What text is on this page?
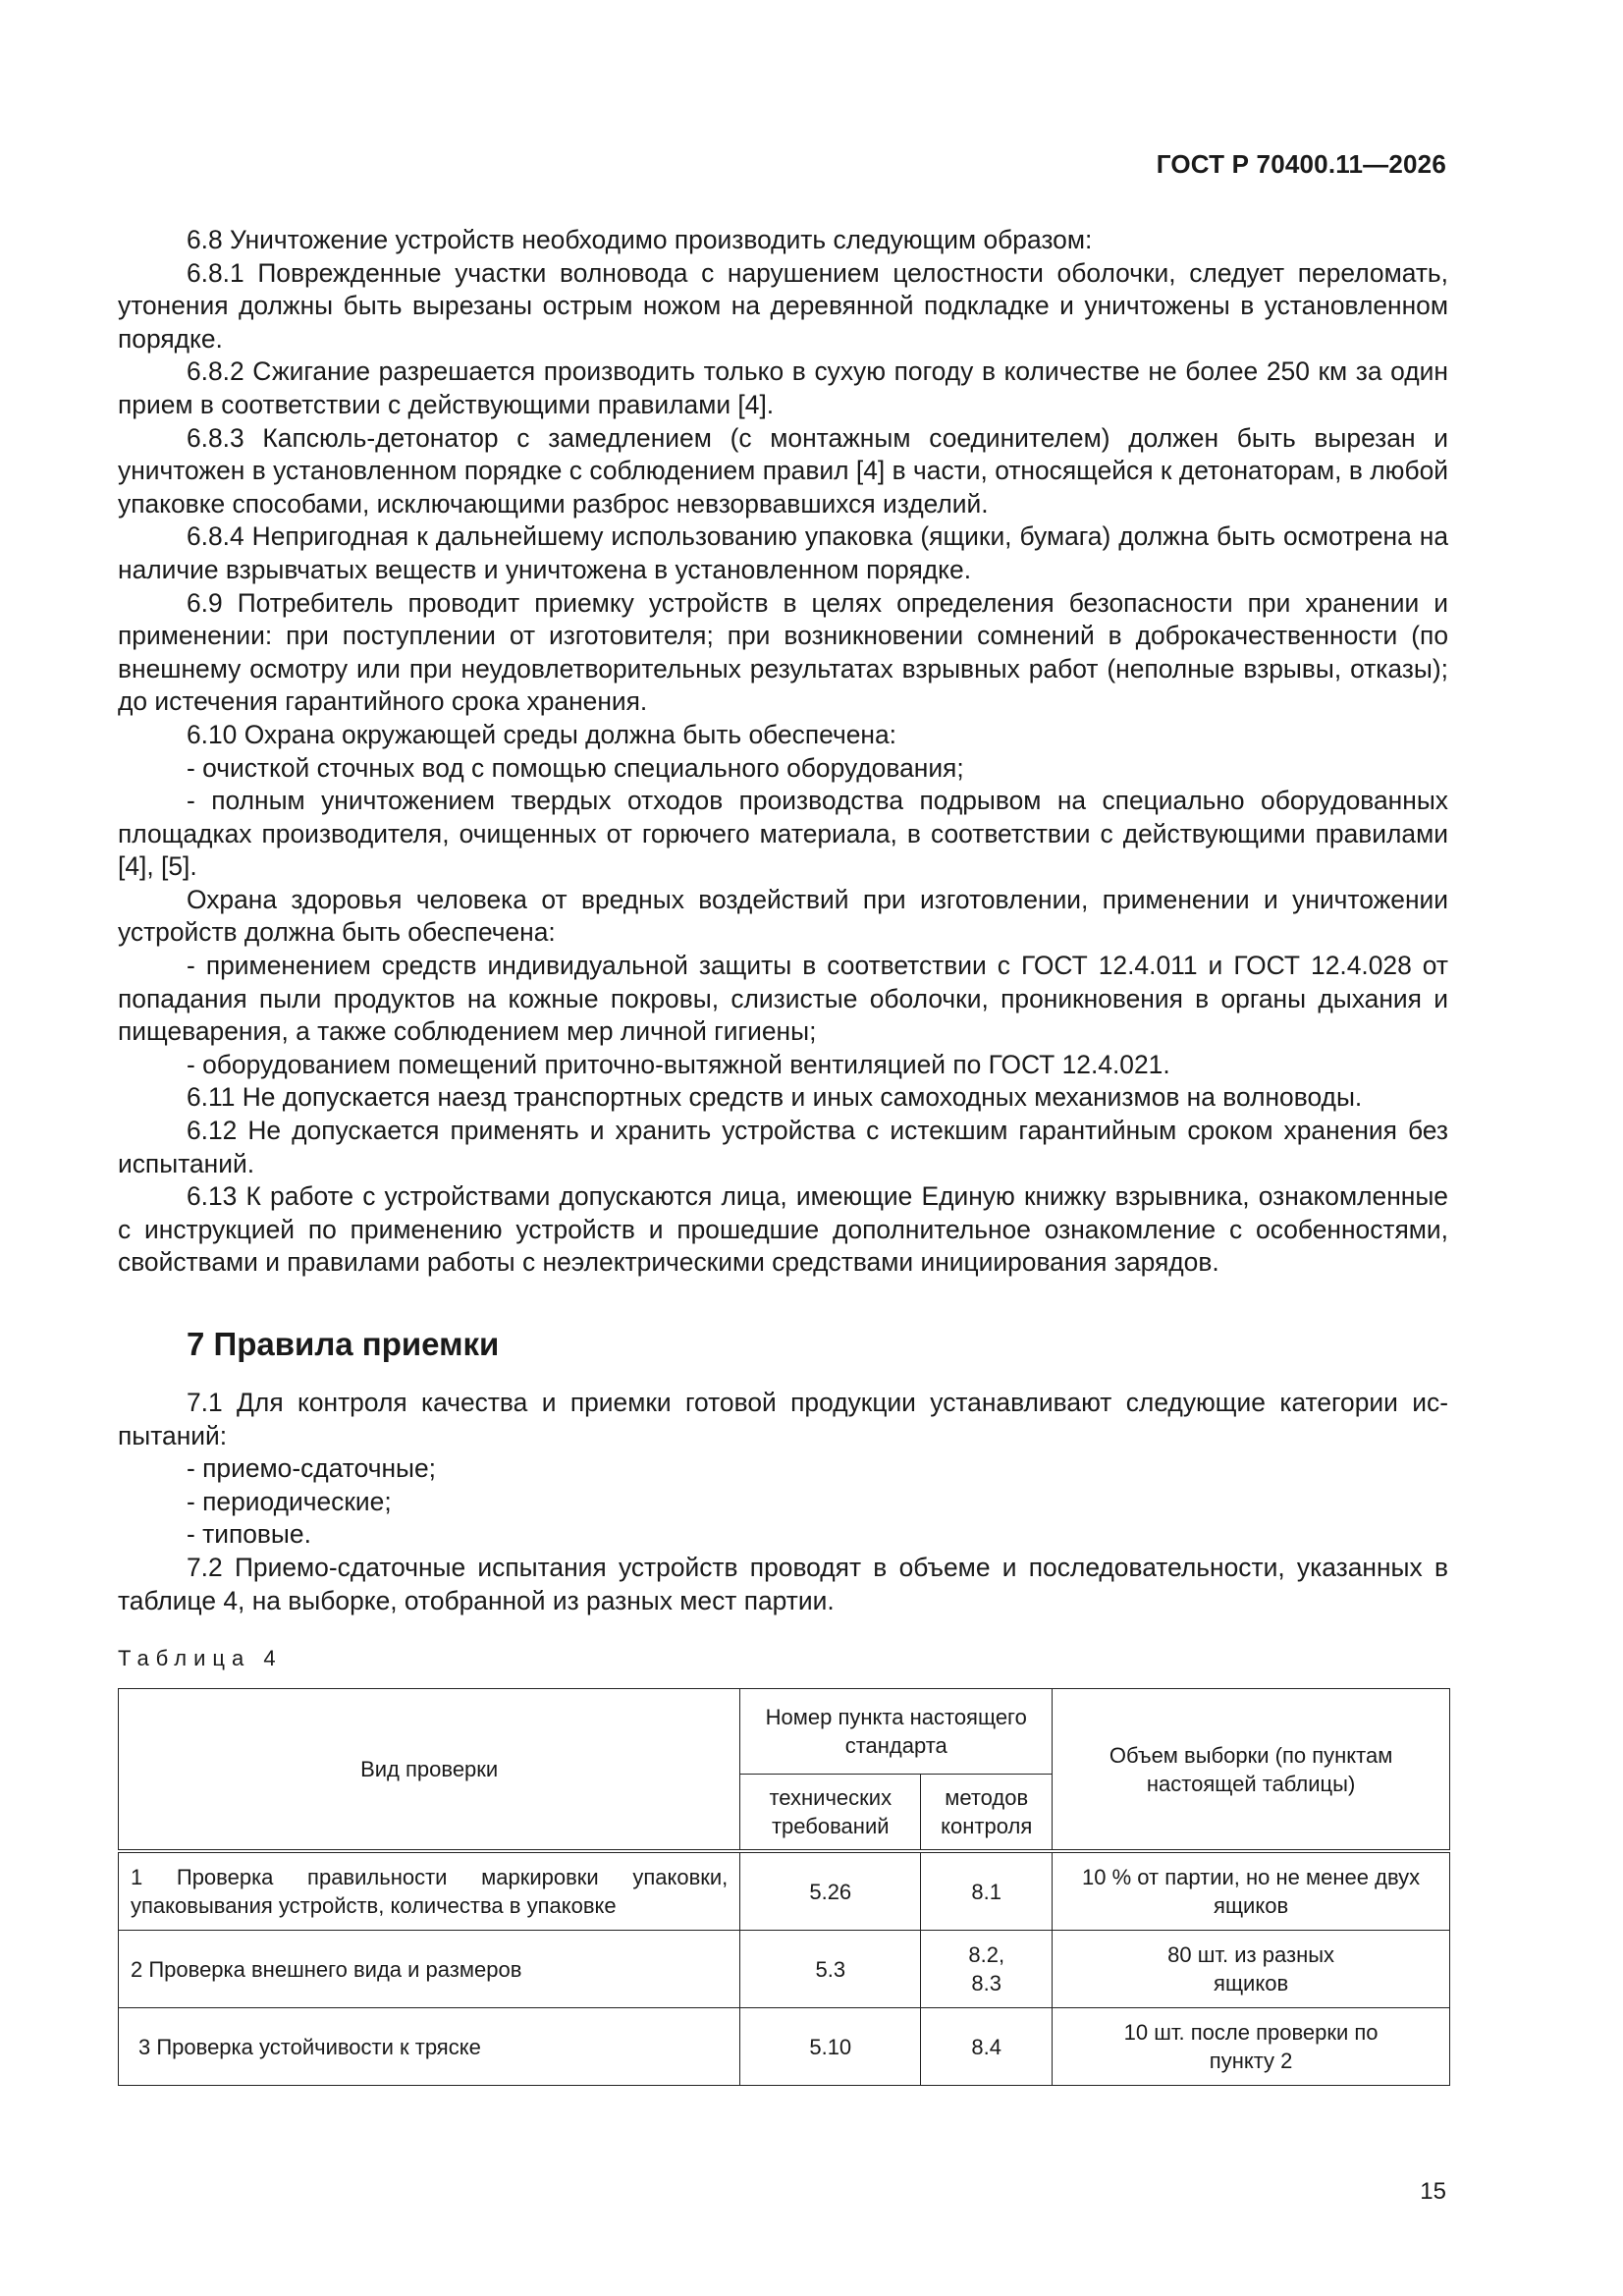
ГОСТ Р 70400.11—2026

6.8 Уничтожение устройств необходимо производить следующим образом:

6.8.1 Поврежденные участки волновода с нарушением целостности оболочки, следует переломать, утонения должны быть вырезаны острым ножом на деревянной подкладке и уничтожены в установленном порядке.

6.8.2 Сжигание разрешается производить только в сухую погоду в количестве не более 250 км за один прием в соответствии с действующими правилами [4].

6.8.3 Капсюль-детонатор с замедлением (с монтажным соединителем) должен быть вырезан и уничтожен в установленном порядке с соблюдением правил [4] в части, относящейся к детонаторам, в любой упаковке способами, исключающими разброс невзорвавшихся изделий.

6.8.4 Непригодная к дальнейшему использованию упаковка (ящики, бумага) должна быть осмотрена на наличие взрывчатых веществ и уничтожена в установленном порядке.

6.9 Потребитель проводит приемку устройств в целях определения безопасности при хранении и применении: при поступлении от изготовителя; при возникновении сомнений в доброкачественности (по внешнему осмотру или при неудовлетворительных результатах взрывных работ (неполные взрывы, отказы); до истечения гарантийного срока хранения.

6.10 Охрана окружающей среды должна быть обеспечена:

- очисткой сточных вод с помощью специального оборудования;

- полным уничтожением твердых отходов производства подрывом на специально оборудованных площадках производителя, очищенных от горючего материала, в соответствии с действующими правилами [4], [5].

Охрана здоровья человека от вредных воздействий при изготовлении, применении и уничтожении устройств должна быть обеспечена:

- применением средств индивидуальной защиты в соответствии с ГОСТ 12.4.011 и ГОСТ 12.4.028 от попадания пыли продуктов на кожные покровы, слизистые оболочки, проникновения в органы дыхания и пищеварения, а также соблюдением мер личной гигиены;

- оборудованием помещений приточно-вытяжной вентиляцией по ГОСТ 12.4.021.

6.11 Не допускается наезд транспортных средств и иных самоходных механизмов на волноводы.

6.12 Не допускается применять и хранить устройства с истекшим гарантийным сроком хранения без испытаний.

6.13 К работе с устройствами допускаются лица, имеющие Единую книжку взрывника, ознакомленные с инструкцией по применению устройств и прошедшие дополнительное ознакомление с особенностями, свойствами и правилами работы с неэлектрическими средствами инициирования зарядов.

7 Правила приемки

7.1 Для контроля качества и приемки готовой продукции устанавливают следующие категории испытаний:

- приемо-сдаточные;

- периодические;

- типовые.

7.2 Приемо-сдаточные испытания устройств проводят в объеме и последовательности, указанных в таблице 4, на выборке, отобранной из разных мест партии.

Таблица 4
Вид проверки	Номер пункта настоящего стандарта		Объем выборки (по пунктам настоящей таблицы)
	технических требований	методов контроля	
1 Проверка правильности маркировки упаковки, упаковывания устройств, количества в упаковке	5.26	8.1	10 % от партии, но не менее двух ящиков
2 Проверка внешнего вида и размеров	5.3	8.2, 8.3	80 шт. из разных ящиков
3 Проверка устойчивости к тряске	5.10	8.4	10 шт. после проверки по пункту 2
15
